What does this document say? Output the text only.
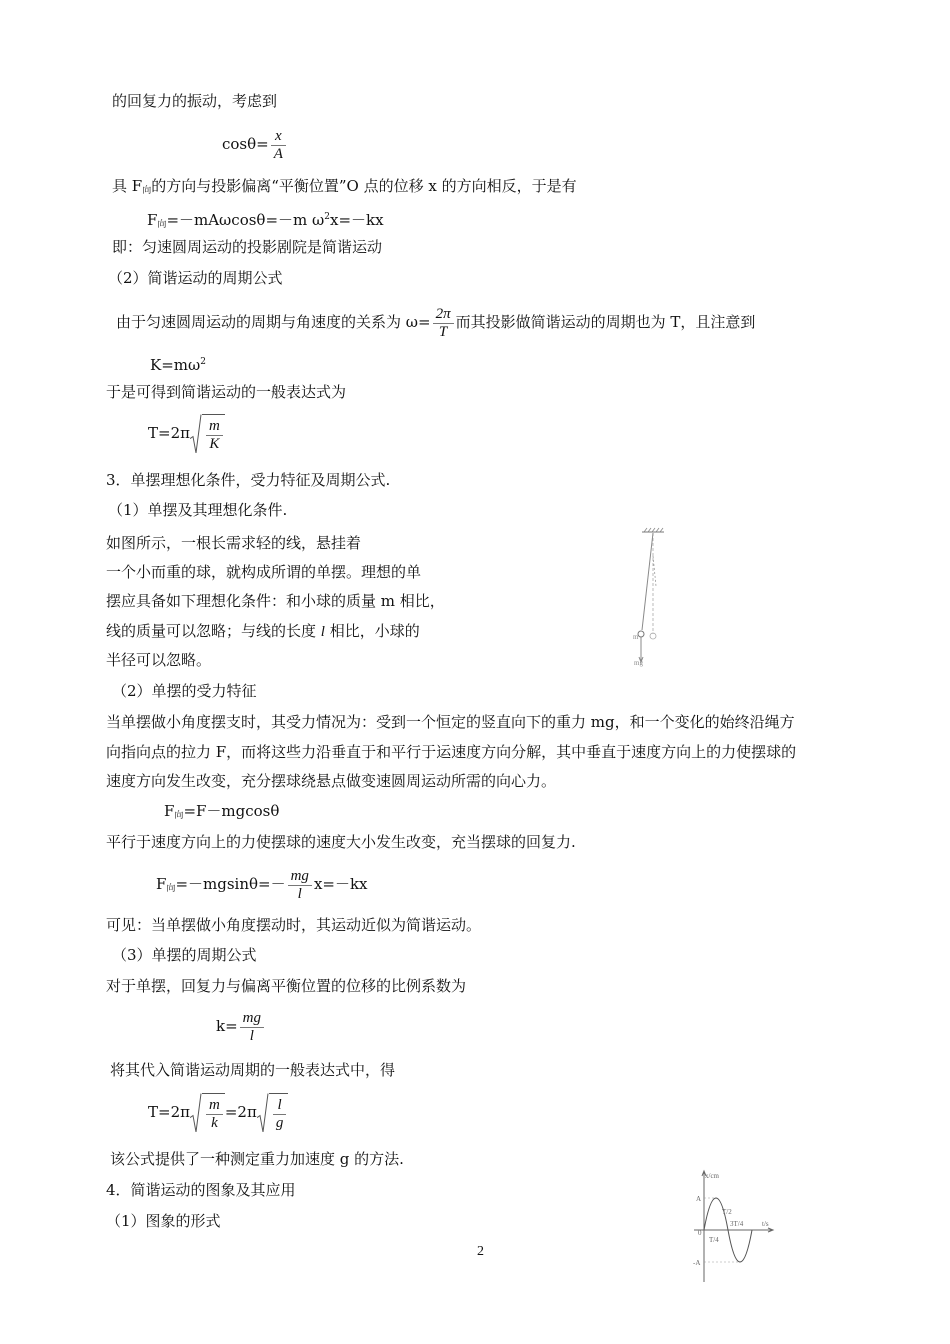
的回复力的振动，考虑到
$\cos\theta= \frac{x}{A}$
具 $F_向$的方向与投影偏离“平衡位置”O 点的位移 x 的方向相反，于是有
$F_向=-mA\omega\cos\theta=-m$ $\omega^2x=-kx$
即：匀速圆周运动的投影剧院是简谐运动
（2）简谐运动的周期公式
由于匀速圆周运动的周期与角速度的关系为 $\omega= \frac{2\pi}{T}$ 而其投影做简谐运动的周期也为 T，且注意到
$K=m\omega^2$
于是可得到简谐运动的一般表达式为
$T=2\pi \frac{m}{K}$
3．单摆理想化条件，受力特征及周期公式.
（1）单摆及其理想化条件.
如图所示，一根长需求轻的线，悬挂着
一个小而重的球，就构成所谓的单摆。理想的单
摆应具备如下理想化条件：和小球的质量 m 相比，
线的质量可以忽略；与线的长度 l 相比，小球的
半径可以忽略。
m
mg
（2）单摆的受力特征
当单摆做小角度摆支时，其受力情况为：受到一个恒定的竖直向下的重力 mg，和一个变化的始终沿绳方
向指向点的拉力 F，而将这些力沿垂直于和平行于运速度方向分解，其中垂直于速度方向上的力使摆球的
速度方向发生改变，充分摆球绕悬点做变速圆周运动所需的向心力。
$F_向=F-mgcos\theta$
平行于速度方向上的力使摆球的速度大小发生改变，充当摆球的回复力.
$F_向=-mgsin\theta=- \frac{mg}{l} x=-kx$
可见：当单摆做小角度摆动时，其运动近似为简谐运动。
（3）单摆的周期公式
对于单摆，回复力与偏离平衡位置的位移的比例系数为
$k= \frac{mg}{l}$
将其代入简谐运动周期的一般表达式中，得
$T=2\pi \frac{m}{k} =2\pi \frac{l}{g}$
该公式提供了一种测定重力加速度 g 的方法.
4．简谐运动的图象及其应用
（1）图象的形式
x/cm
t/s
A
-A
0
T/2
T/4
3T/4
2
